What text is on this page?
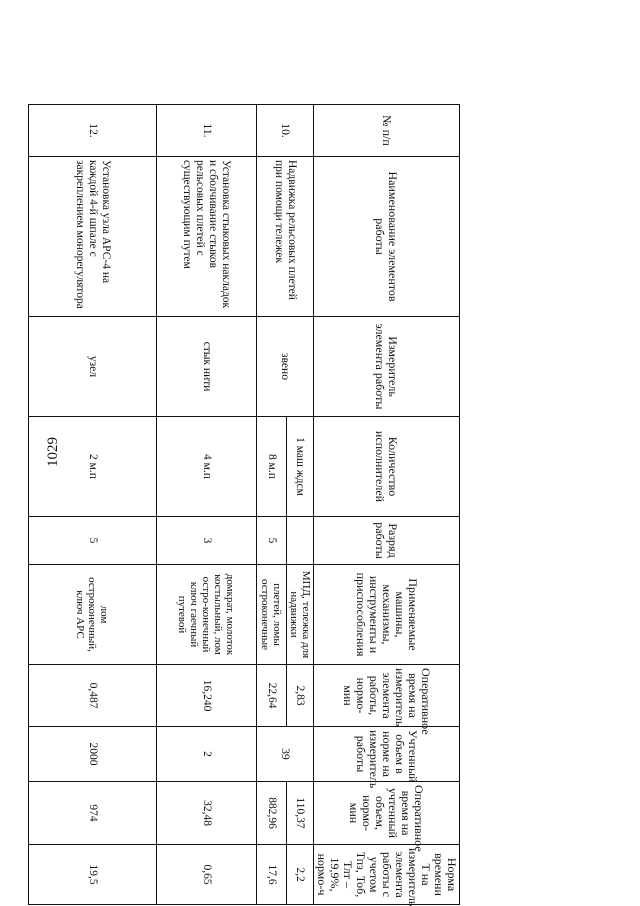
1029
№ п/п	Наименование элементов работы	Измеритель элемента работы	Количество исполнителей	Разряд работы	Применяемые машины, механизмы, инструменты и приспособления	Оперативное время на измеритель элемента работы, нормо-мин	Учтенный объем в норме на измеритель работы	Оперативное время на учтенный объем, нормо-мин	Норма времени Т на измеритель элемента работы с учетом Тпз, Тоб, Тлт – 19,9%, нормо-ч
10.	Надвижка рельсовых плетей при помощи тележек	звено	1 маш ждсм		МПД, тележка для надвижки	2,83	39	110,37	2,2
			8 м.п	5	плетей, ломы остроконечные	22,64		882,96	17,6
11.	Установка стыковых накладок и сболчивание стыков рельсовых плетей с существующим путем	стык нити	4 м.п	3	домкрат, молоток костыльный, лом остро-конечный ключ гаечный путевой	16,240	2	32,48	0,65
12.	Установка узла АРС-4 на каждой 4-й шпале с закреплением монорегулятора	узел	2 м.п	5	лом остроконечный, ключ АРС	0,487	2000	974	19,5
